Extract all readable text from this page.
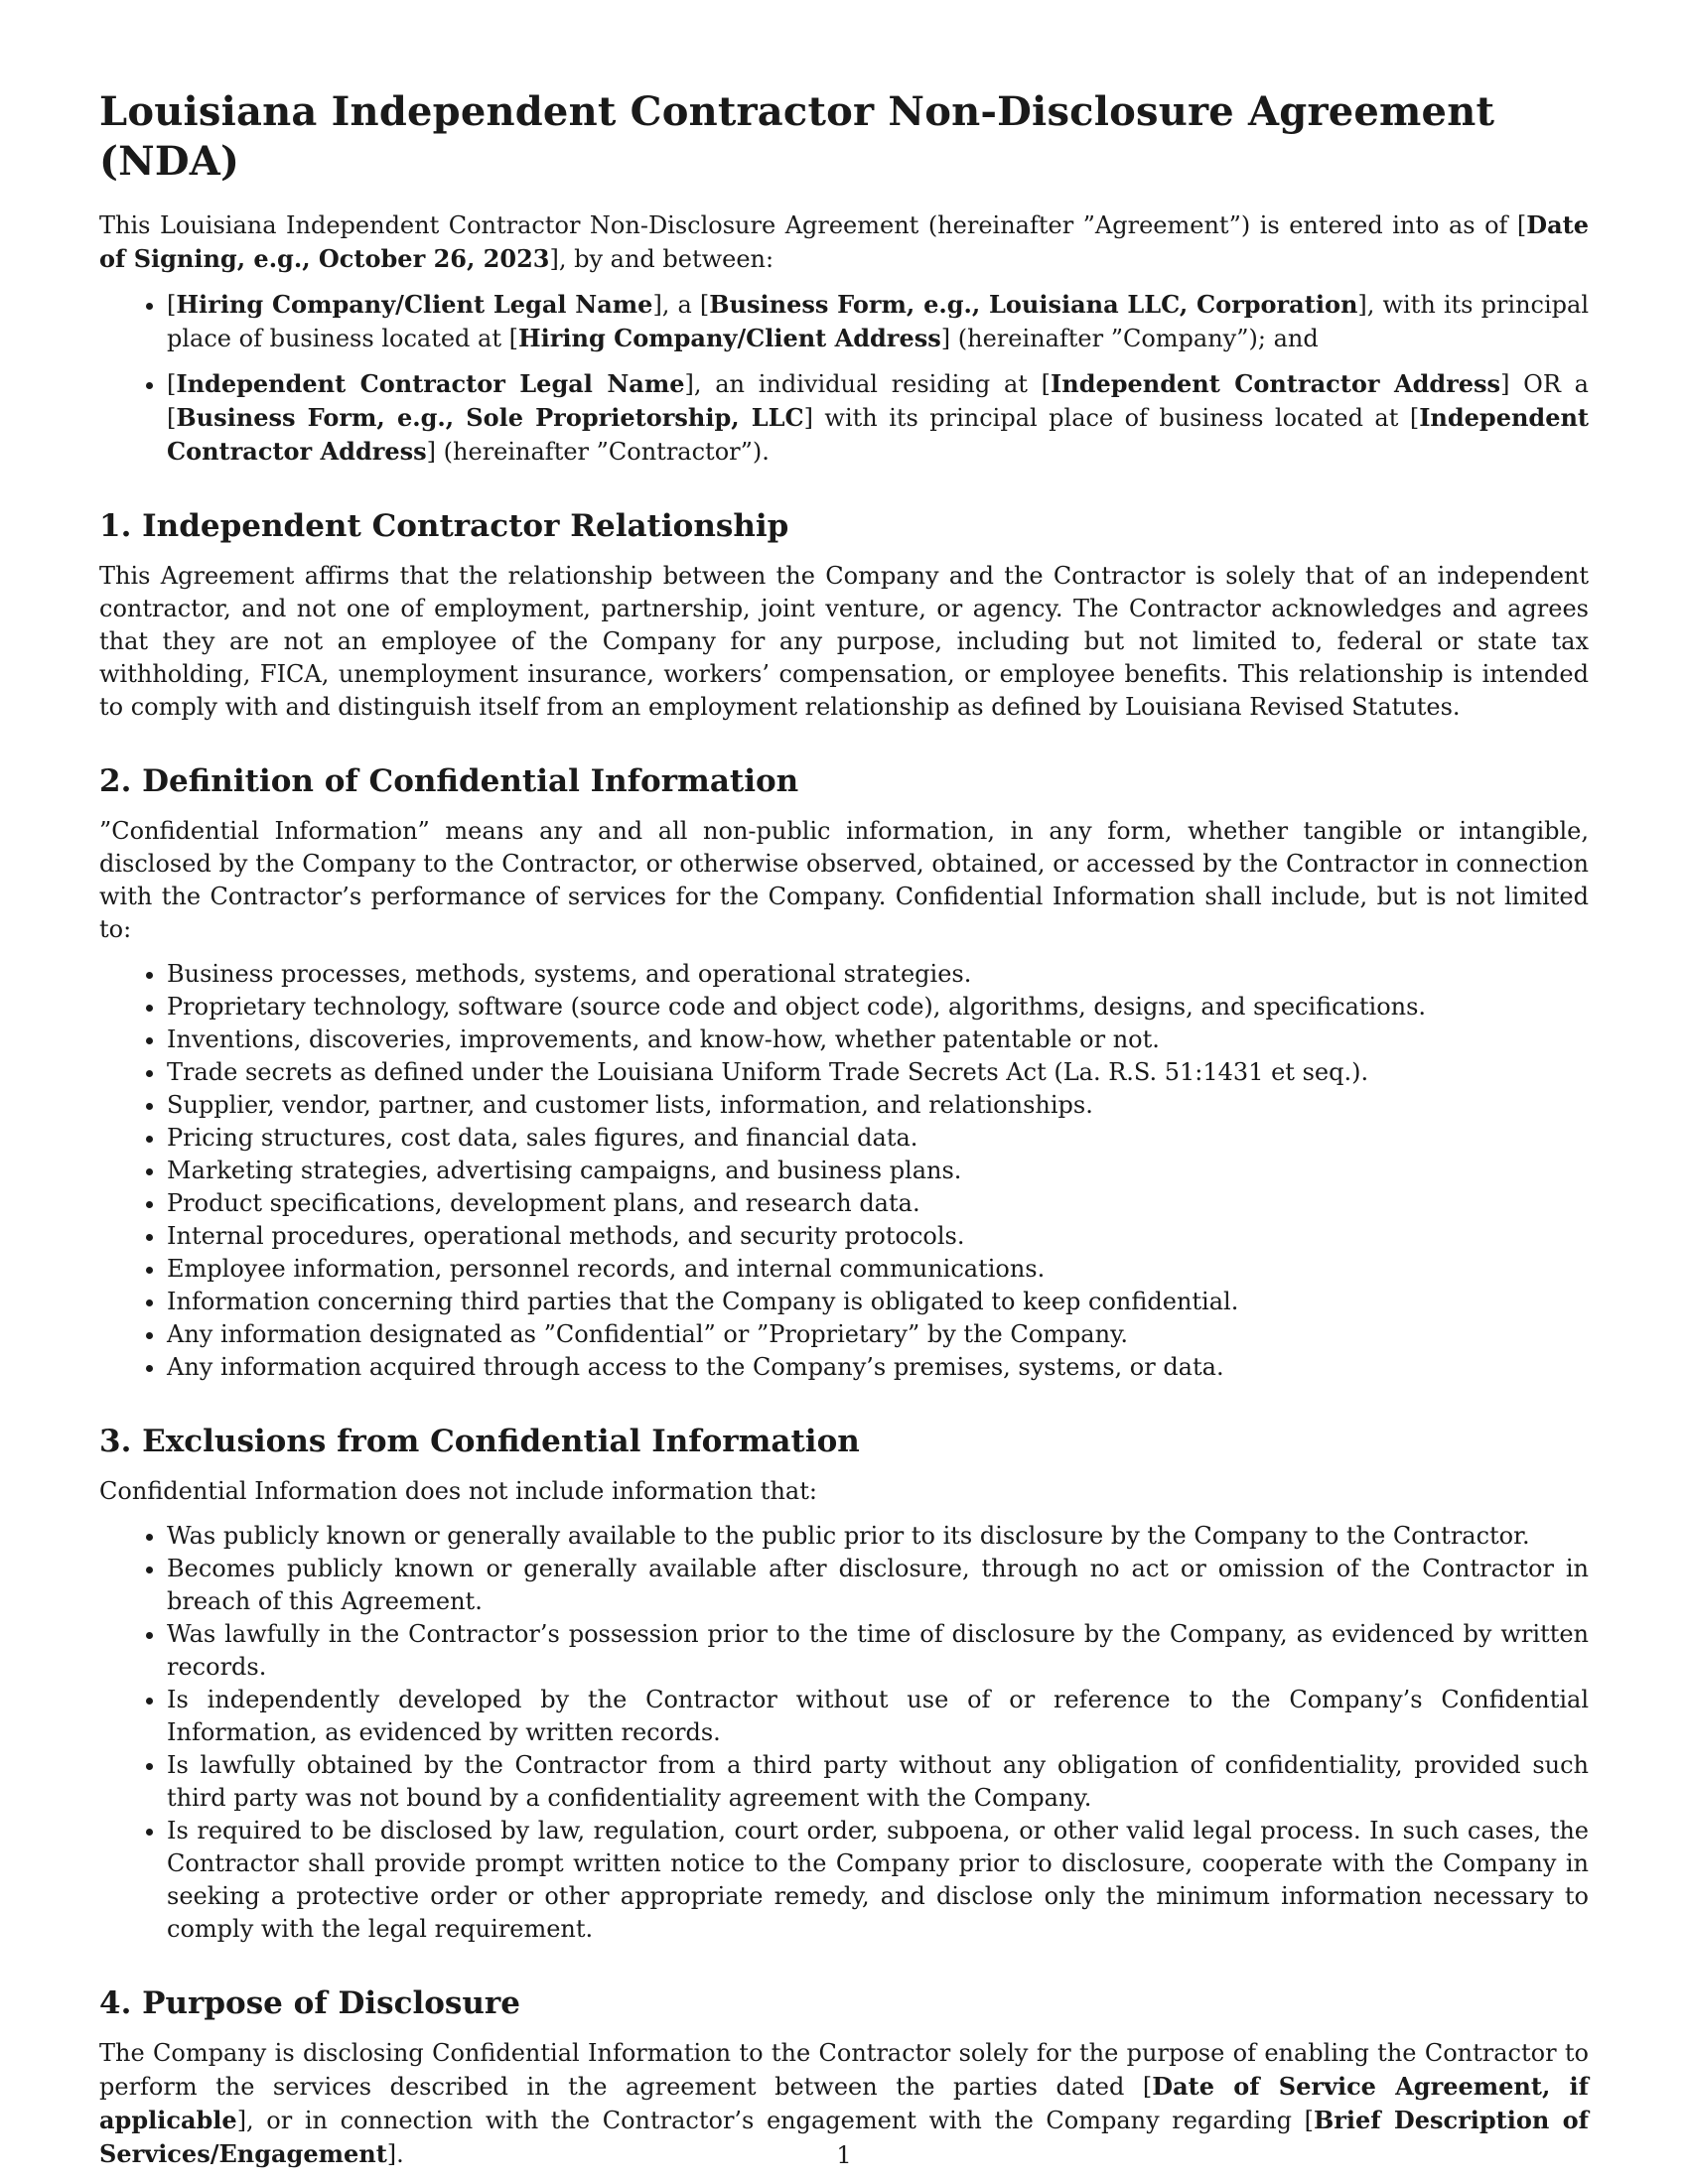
Louisiana Independent Contractor Non-Disclosure Agreement (NDA)

This Louisiana Independent Contractor Non-Disclosure Agreement (hereinafter ”Agreement”) is entered into as of [Date of Signing, e.g., October 26, 2023], by and between:

• [Hiring Company/Client Legal Name], a [Business Form, e.g., Louisiana LLC, Corporation], with its principal place of business located at [Hiring Company/Client Address] (hereinafter ”Company”); and
• [Independent Contractor Legal Name], an individual residing at [Independent Contractor Address] OR a [Business Form, e.g., Sole Proprietorship, LLC] with its principal place of business located at [Independent Contractor Address] (hereinafter ”Contractor”).
1. Independent Contractor Relationship

This Agreement affirms that the relationship between the Company and the Contractor is solely that of an independent contractor, and not one of employment, partnership, joint venture, or agency. The Contractor acknowledges and agrees that they are not an employee of the Company for any purpose, including but not limited to, federal or state tax withholding, FICA, unemployment insurance, workers’ compensation, or employee benefits. This relationship is intended to comply with and distinguish itself from an employment relationship as defined by Louisiana Revised Statutes.

2. Definition of Confidential Information

”Confidential Information” means any and all non-public information, in any form, whether tangible or intangible, disclosed by the Company to the Contractor, or otherwise observed, obtained, or accessed by the Contractor in connection with the Contractor’s performance of services for the Company. Confidential Information shall include, but is not limited to:

• Business processes, methods, systems, and operational strategies.
• Proprietary technology, software (source code and object code), algorithms, designs, and specifications.
• Inventions, discoveries, improvements, and know-how, whether patentable or not.
• Trade secrets as defined under the Louisiana Uniform Trade Secrets Act (La. R.S. 51:1431 et seq.).
• Supplier, vendor, partner, and customer lists, information, and relationships.
• Pricing structures, cost data, sales figures, and financial data.
• Marketing strategies, advertising campaigns, and business plans.
• Product specifications, development plans, and research data.
• Internal procedures, operational methods, and security protocols.
• Employee information, personnel records, and internal communications.
• Information concerning third parties that the Company is obligated to keep confidential.
• Any information designated as ”Confidential” or ”Proprietary” by the Company.
• Any information acquired through access to the Company’s premises, systems, or data.
3. Exclusions from Confidential Information

Confidential Information does not include information that:

• Was publicly known or generally available to the public prior to its disclosure by the Company to the Contractor.
• Becomes publicly known or generally available after disclosure, through no act or omission of the Contractor in breach of this Agreement.
• Was lawfully in the Contractor’s possession prior to the time of disclosure by the Company, as evidenced by written records.
• Is independently developed by the Contractor without use of or reference to the Company’s Confidential Information, as evidenced by written records.
• Is lawfully obtained by the Contractor from a third party without any obligation of confidentiality, provided such third party was not bound by a confidentiality agreement with the Company.
• Is required to be disclosed by law, regulation, court order, subpoena, or other valid legal process. In such cases, the Contractor shall provide prompt written notice to the Company prior to disclosure, cooperate with the Company in seeking a protective order or other appropriate remedy, and disclose only the minimum information necessary to comply with the legal requirement.
4. Purpose of Disclosure

The Company is disclosing Confidential Information to the Contractor solely for the purpose of enabling the Contractor to perform the services described in the agreement between the parties dated [Date of Service Agreement, if applicable], or in connection with the Contractor’s engagement with the Company regarding [Brief Description of Services/Engagement].	1
